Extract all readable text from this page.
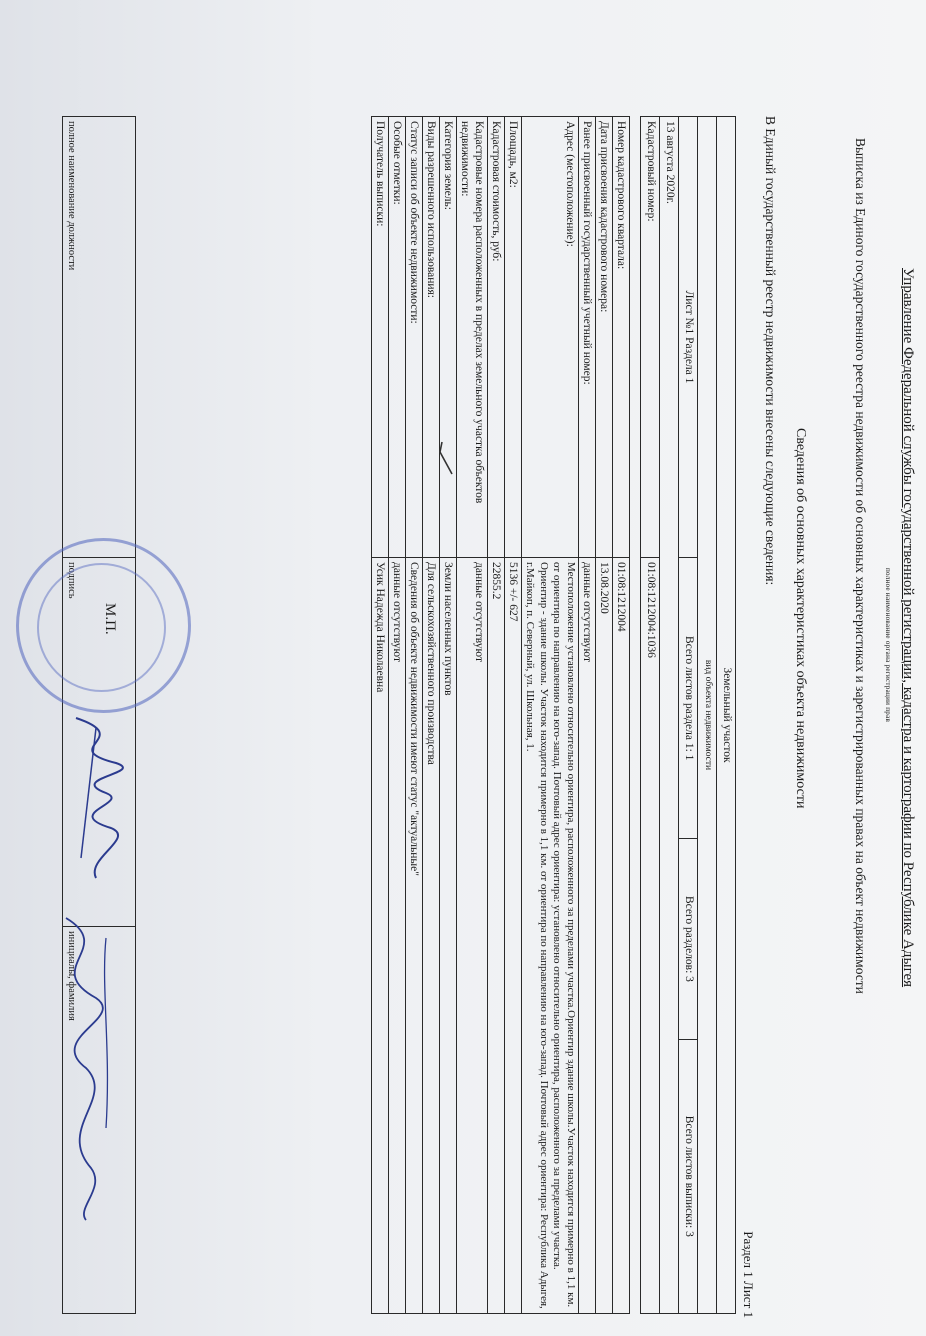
Управление Федеральной службы государственной регистрации, кадастра и картографии по Республике Адыгея
полное наименование органа регистрации прав
Выписка из Единого государственного реестра недвижимости об основных характеристиках и зарегистрированных правах на объект недвижимости
Сведения об основных характеристиках объекта недвижимости
В Единый государственный реестр недвижимости внесены следующие сведения:
Раздел 1 Лист 1
Земельный участок			
вид объекта недвижимости			
Лист №1 Раздела 1	Всего листов раздела 1: 1	Всего разделов: 3	Всего листов выписки: 3
13 августа 2020г.			
Кадастровый номер:	01:08:1212004:1036		
Номер кадастрового квартала:	01:08:1212004
Дата присвоения кадастрового номера:	13.08.2020
Ранее присвоенный государственный учетный номер:	данные отсутствуют
Адрес (местоположение):	Местоположение установлено относительно ориентира, расположенного за пределами участка.Ориентир здание школы.Участок находится примерно в 1,1 км. от ориентира по направлению на юго-запад. Почтовый адрес ориентира: установлено относительно ориентира, расположенного за пределами участка. Ориентир - здание школы. Участок находится примерно в 1,1 км. от ориентира по направлению на юго-запад. Почтовый адрес ориентира: Республика Адыгея, г.Майкоп, п. Северный, ул. Школьная, 1.
Площадь, м2:	5136 +/- 627
Кадастровая стоимость, руб:	22855.2
Кадастровые номера расположенных в пределах земельного участка объектов недвижимости:	данные отсутствуют
Категория земель:	Земли населенных пунктов
Виды разрешенного использования:	Для сельскохозяйственного производства
Статус записи об объекте недвижимости:	Сведения об объекте недвижимости имеют статус "актуальные"
Особые отметки:	данные отсутствуют
Получатель выписки:	Усик Надежда Николаевна
полное наименование должности	подпись	инициалы, фамилия
М.П.
